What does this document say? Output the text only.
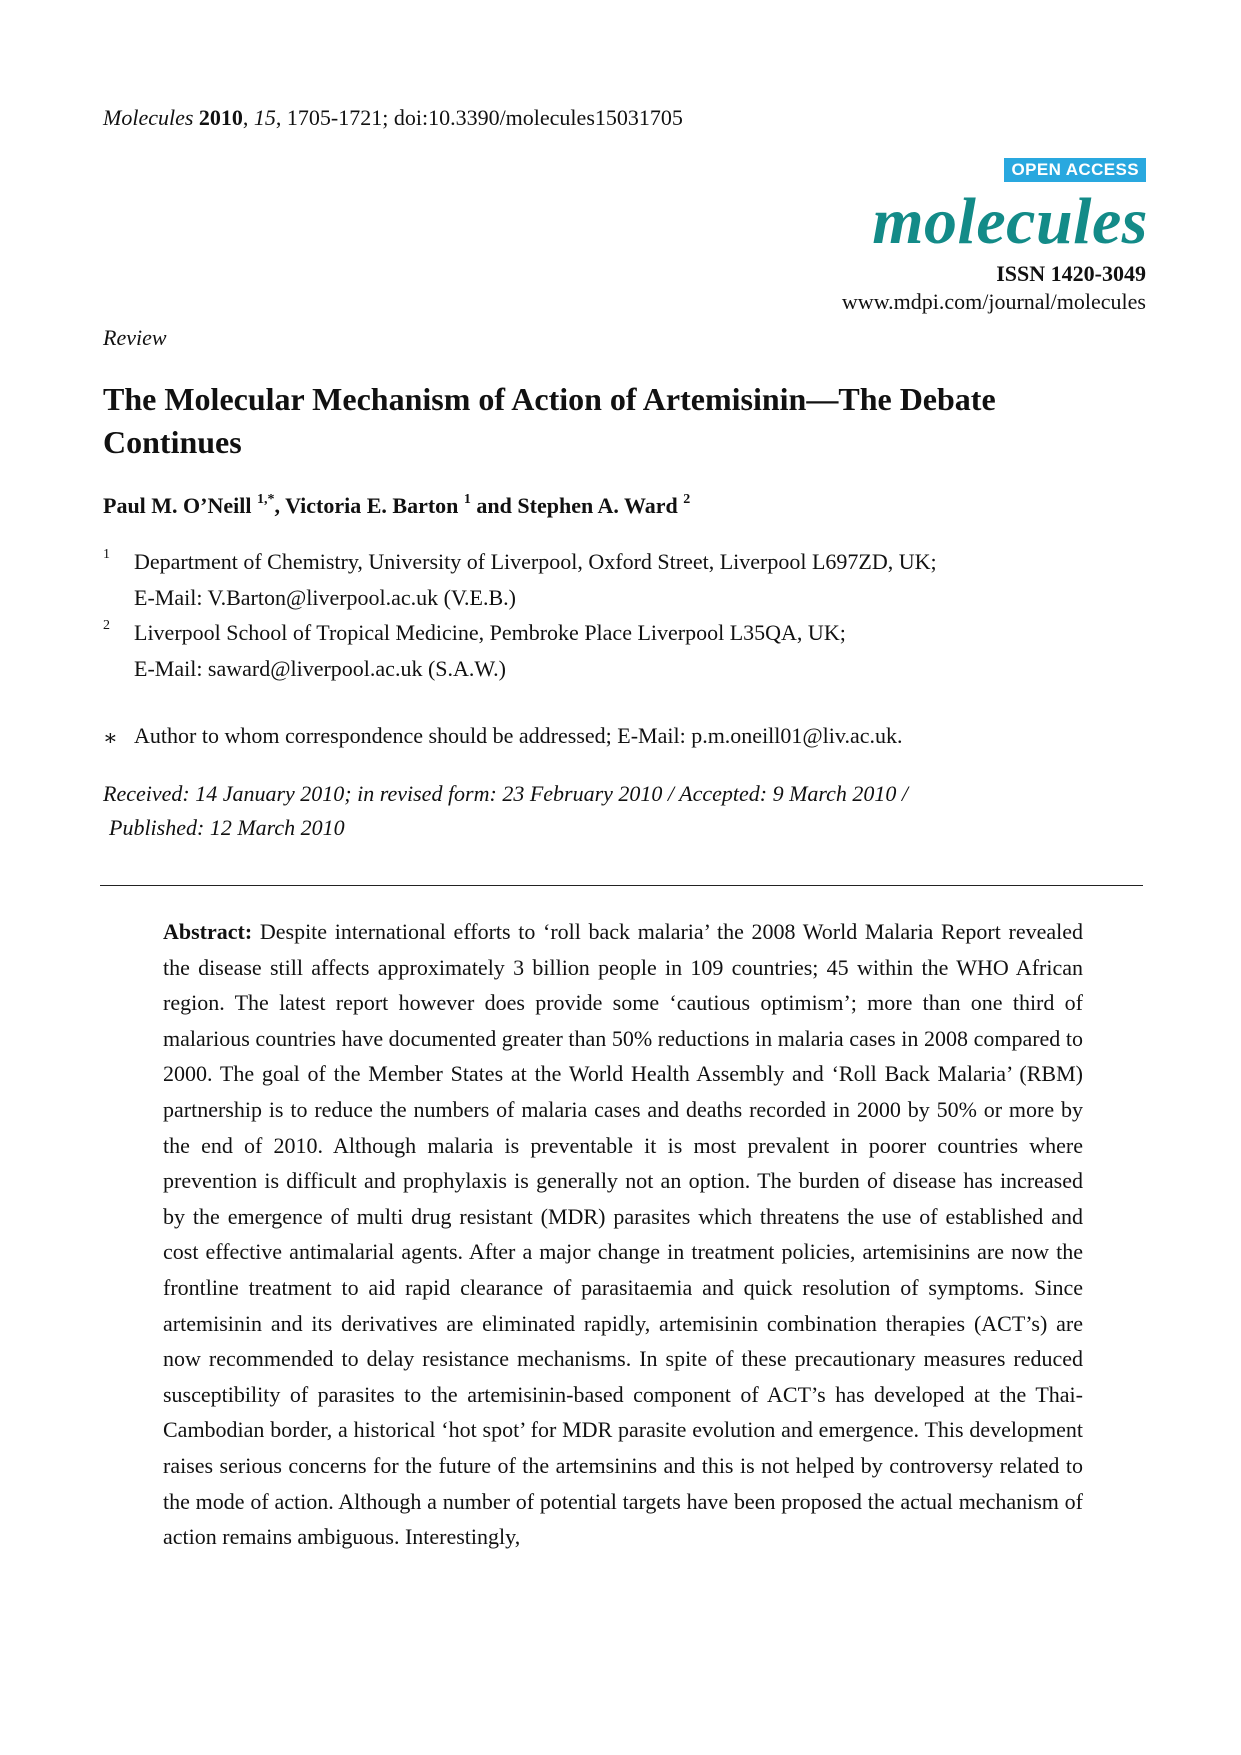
Molecules 2010, 15, 1705-1721; doi:10.3390/molecules15031705
OPEN ACCESS
molecules
ISSN 1420-3049
www.mdpi.com/journal/molecules
Review
The Molecular Mechanism of Action of Artemisinin—The Debate Continues
Paul M. O’Neill $^{1,*}$, Victoria E. Barton $^1$ and Stephen A. Ward $^2$
1 Department of Chemistry, University of Liverpool, Oxford Street, Liverpool L697ZD, UK;
E-Mail: V.Barton@liverpool.ac.uk (V.E.B.)
2 Liverpool School of Tropical Medicine, Pembroke Place Liverpool L35QA, UK;
E-Mail: saward@liverpool.ac.uk (S.A.W.)
∗ Author to whom correspondence should be addressed; E-Mail: p.m.oneill01@liv.ac.uk.
Received: 14 January 2010; in revised form: 23 February 2010 / Accepted: 9 March 2010 /
Published: 12 March 2010

Abstract: Despite international efforts to ‘roll back malaria’ the 2008 World Malaria Report revealed the disease still affects approximately 3 billion people in 109 countries; 45 within the WHO African region. The latest report however does provide some ‘cautious optimism’; more than one third of malarious countries have documented greater than 50% reductions in malaria cases in 2008 compared to 2000. The goal of the Member States at the World Health Assembly and ‘Roll Back Malaria’ (RBM) partnership is to reduce the numbers of malaria cases and deaths recorded in 2000 by 50% or more by the end of 2010. Although malaria is preventable it is most prevalent in poorer countries where prevention is difficult and prophylaxis is generally not an option. The burden of disease has increased by the emergence of multi drug resistant (MDR) parasites which threatens the use of established and cost effective antimalarial agents. After a major change in treatment policies, artemisinins are now the frontline treatment to aid rapid clearance of parasitaemia and quick resolution of symptoms. Since artemisinin and its derivatives are eliminated rapidly, artemisinin combination therapies (ACT’s) are now recommended to delay resistance mechanisms. In spite of these precautionary measures reduced susceptibility of parasites to the artemisinin-based component of ACT’s has developed at the Thai-Cambodian border, a historical ‘hot spot’ for MDR parasite evolution and emergence. This development raises serious concerns for the future of the artemsinins and this is not helped by controversy related to the mode of action. Although a number of potential targets have been proposed the actual mechanism of action remains ambiguous. Interestingly,
